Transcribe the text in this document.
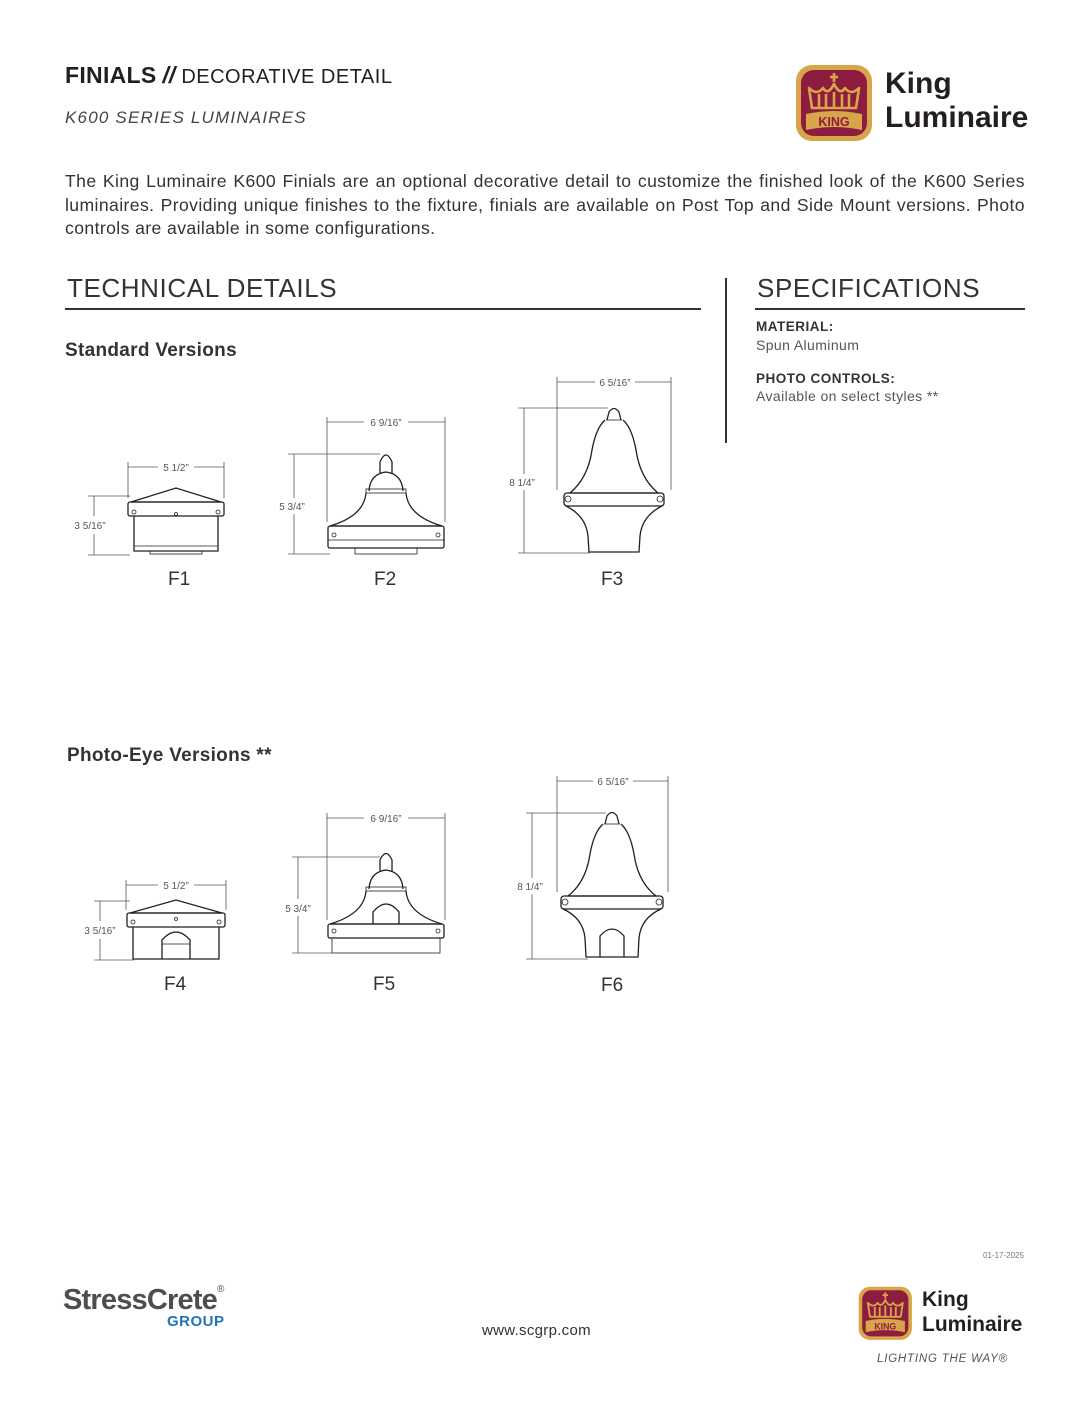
FINIALS // DECORATIVE DETAIL
K600 SERIES LUMINAIRES	KING
King
Luminaire
The King Luminaire K600 Finials are an optional decorative detail to customize the finished look of the K600 Series luminaires. Providing unique finishes to the fixture, finials are available on Post Top and Side Mount versions. Photo controls are available in some configurations.
TECHNICAL DETAILS	SPECIFICATIONS
MATERIAL:
Spun Aluminum
PHOTO CONTROLS:
Available on select styles **
Standard Versions
Photo-Eye Versions **
5 1/2”
3 5/16”
6 9/16”
5 3/4”
6 5/16”
8 1/4”
5 1/2”
3 5/16”
6 9/16”
5 3/4”
6 5/16”
8 1/4”
F1	F2	F3
F4	F5	F6
01-17-2025
StressCrete®
GROUP
www.scgrp.com	KING
King
Luminaire
LIGHTING THE WAY®
